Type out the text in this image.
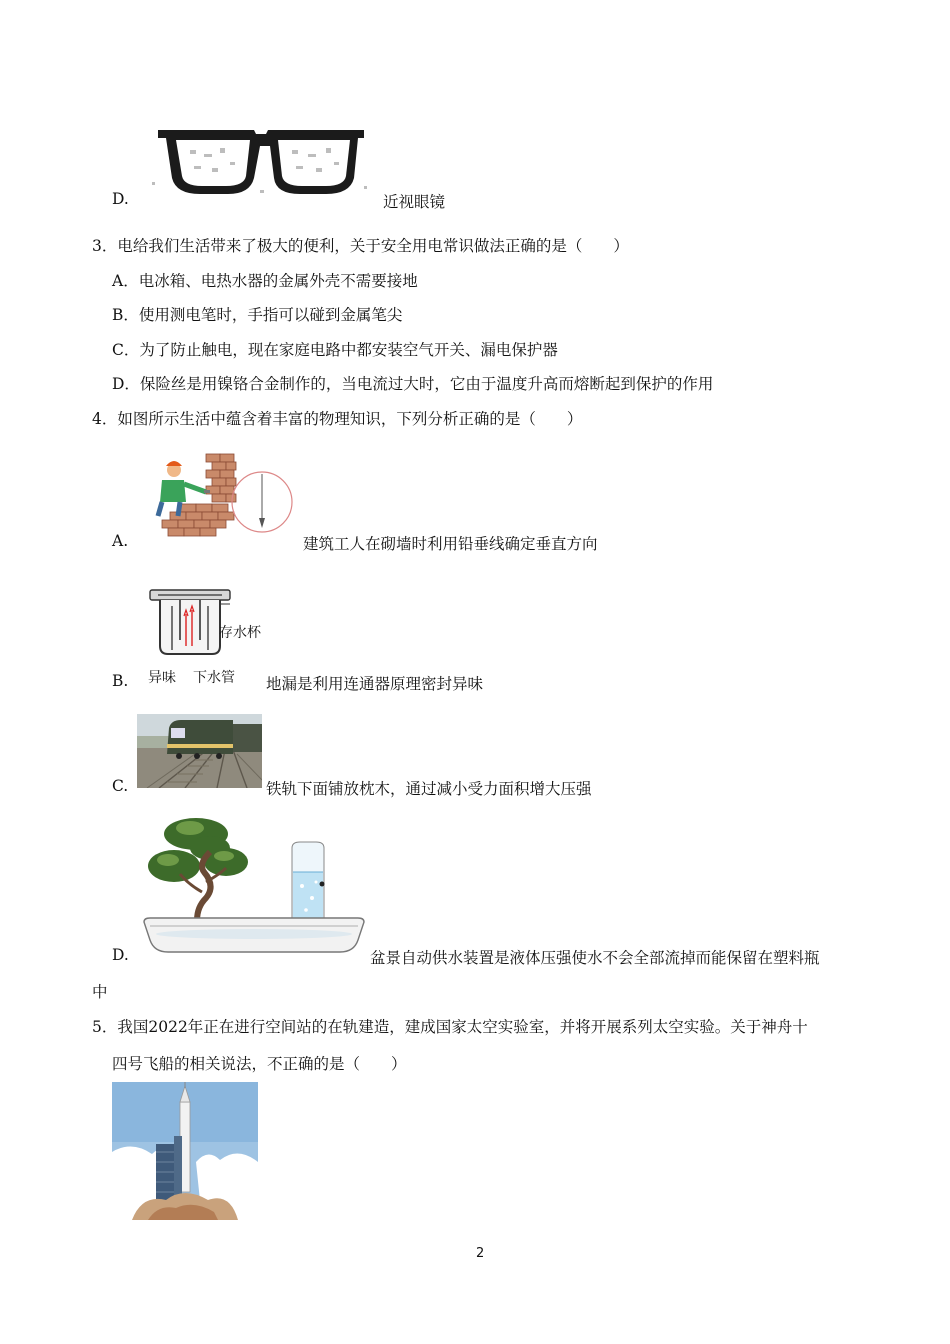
D.	近视眼镜
3．电给我们生活带来了极大的便利，关于安全用电常识做法正确的是（　　）
A．电冰箱、电热水器的金属外壳不需要接地
B．使用测电笔时，手指可以碰到金属笔尖
C．为了防止触电，现在家庭电路中都安装空气开关、漏电保护器
D．保险丝是用镍铬合金制作的，当电流过大时，它由于温度升高而熔断起到保护的作用
4．如图所示生活中蕴含着丰富的物理知识，下列分析正确的是（　　）
A.	建筑工人在砌墙时利用铅垂线确定垂直方向
存水杯
异味 下水管
B.	地漏是利用连通器原理密封异味
C.	铁轨下面铺放枕木，通过减小受力面积增大压强
D.	盆景自动供水装置是液体压强使水不会全部流掉而能保留在塑料瓶
中
5．我国2022年正在进行空间站的在轨建造，建成国家太空实验室，并将开展系列太空实验。关于神舟十
四号飞船的相关说法，不正确的是（　　）
2
